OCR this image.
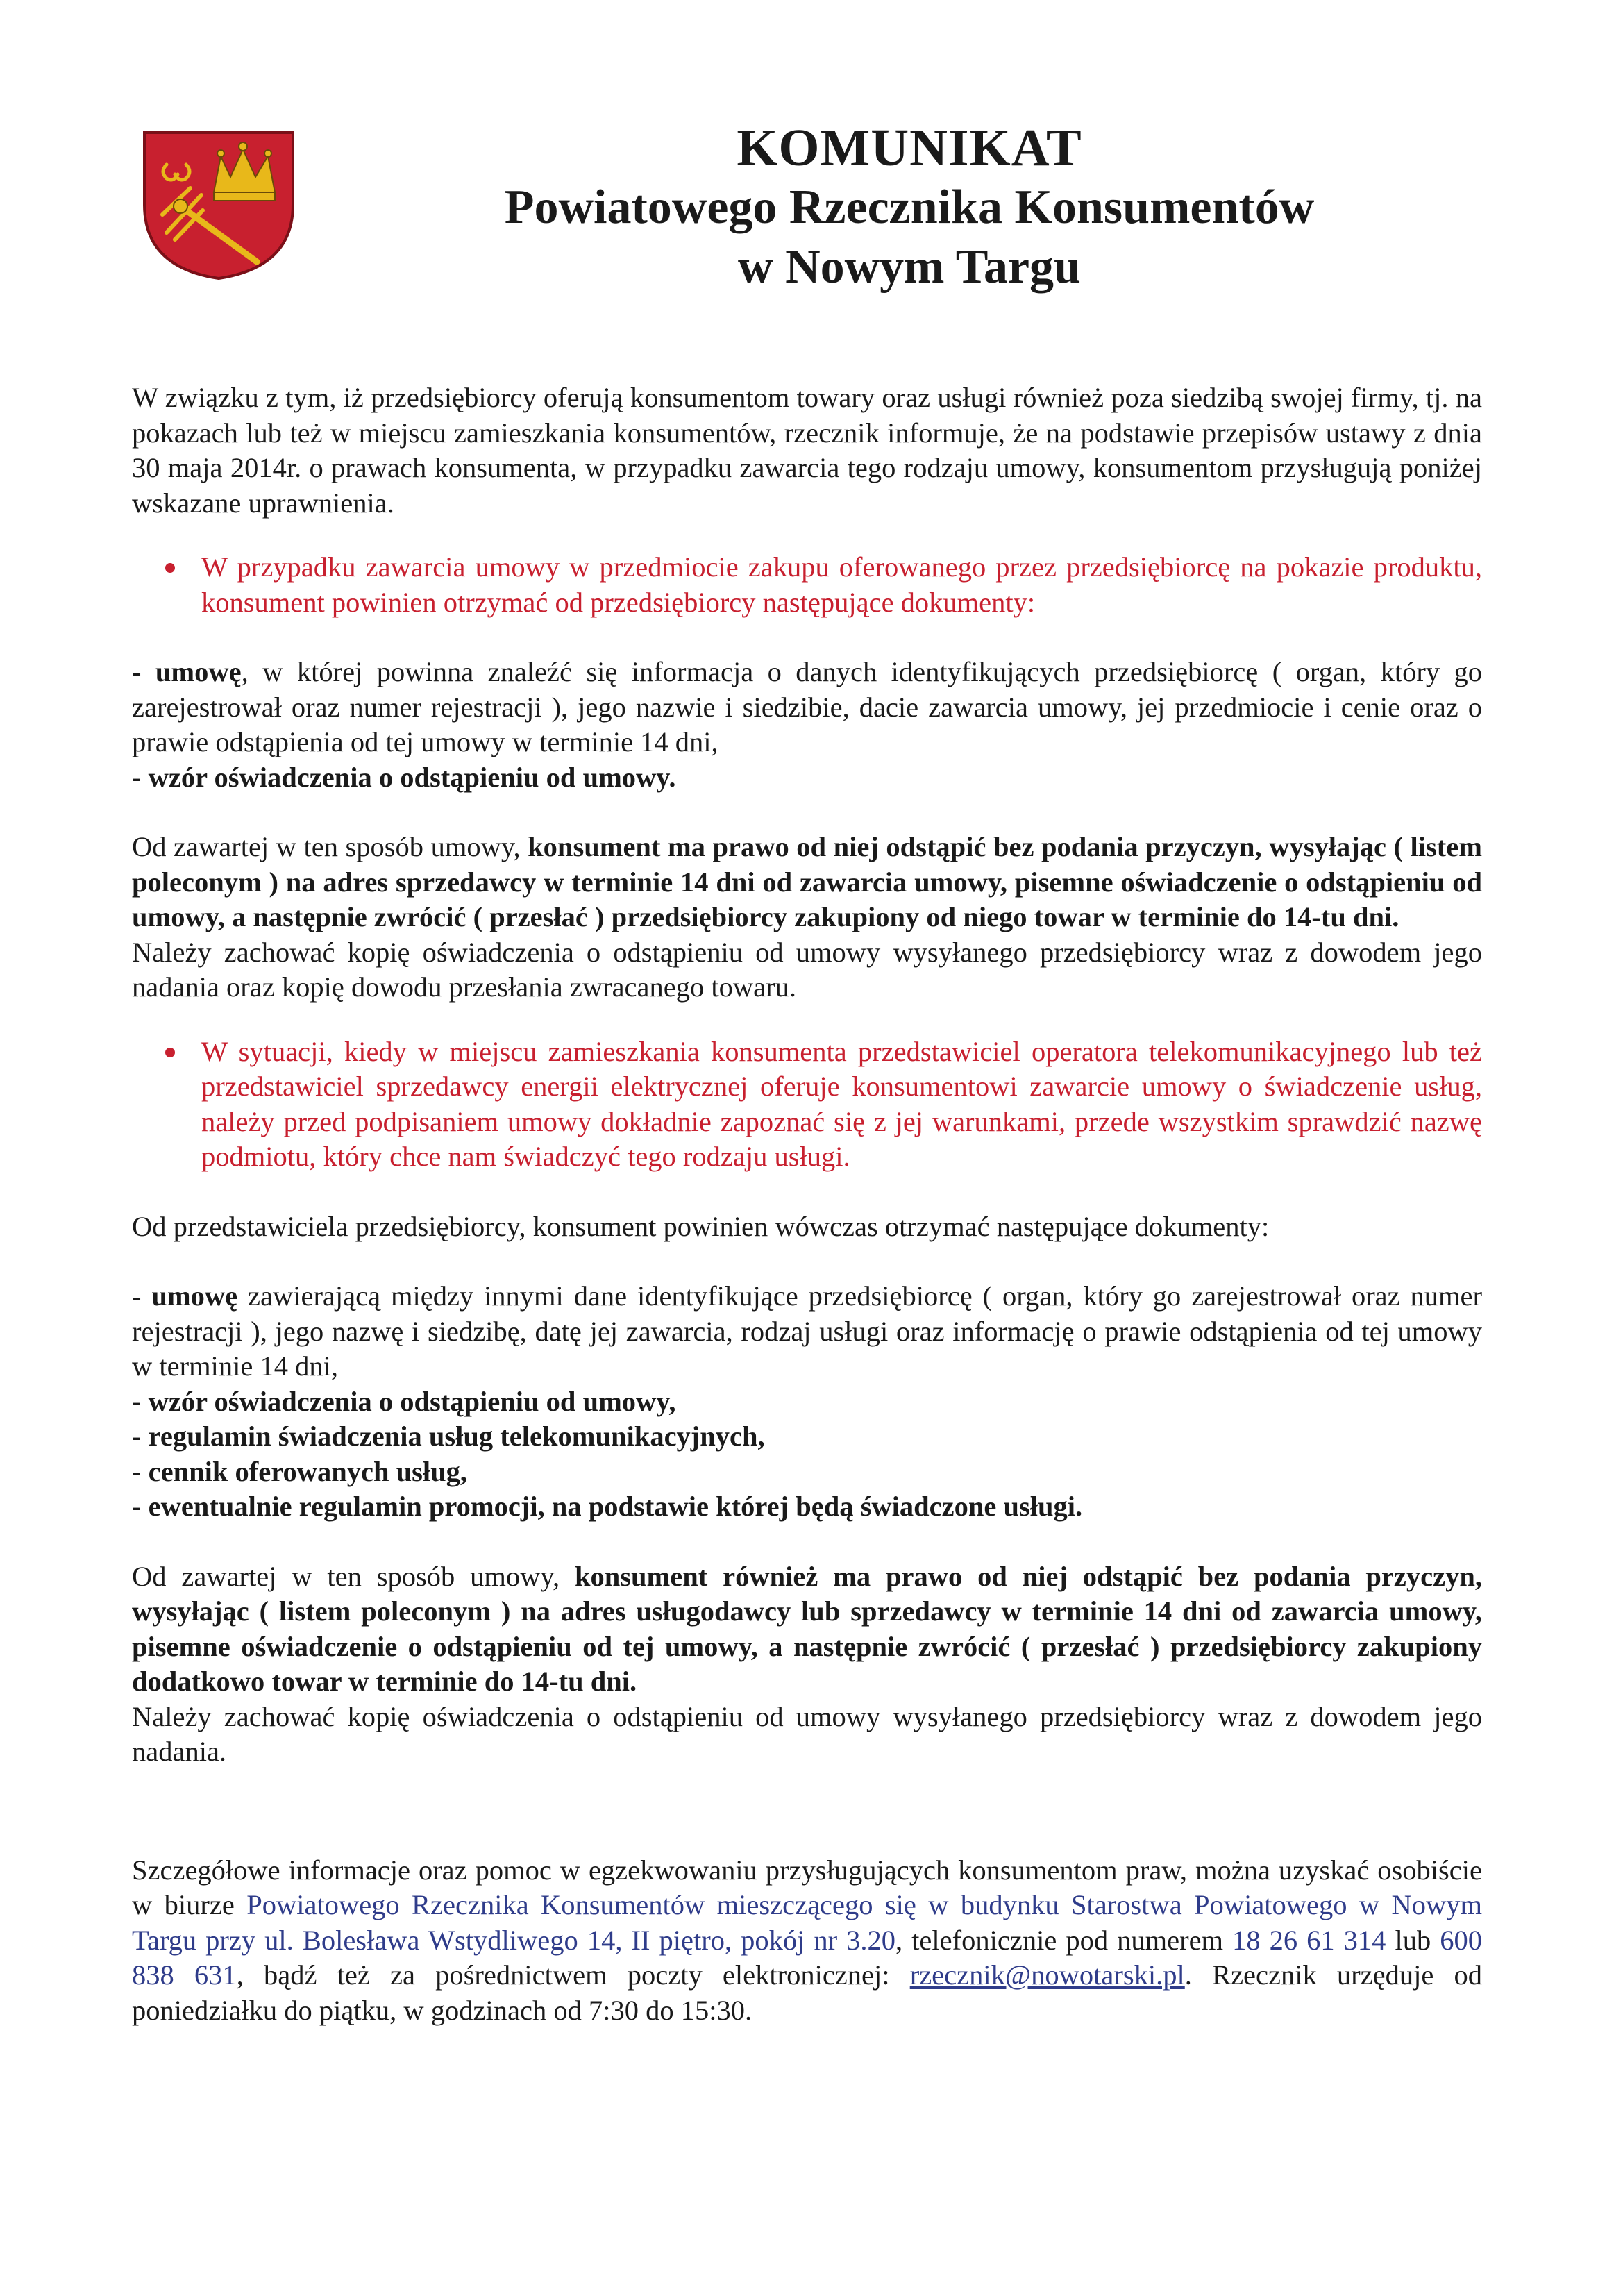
KOMUNIKAT
Powiatowego Rzecznika Konsumentów
w Nowym Targu

W związku z tym, iż przedsiębiorcy oferują konsumentom towary oraz usługi również poza siedzibą swojej firmy, tj. na pokazach lub też w miejscu zamieszkania konsumentów, rzecznik informuje, że na podstawie przepisów ustawy z dnia 30 maja 2014r. o prawach konsumenta, w przypadku zawarcia tego rodzaju umowy, konsumentom przysługują poniżej wskazane uprawnienia.

W przypadku zawarcia umowy w przedmiocie zakupu oferowanego przez przedsiębiorcę na pokazie produktu, konsument powinien otrzymać od przedsiębiorcy następujące dokumenty:

- umowę, w której powinna znaleźć się informacja o danych identyfikujących przedsiębiorcę ( organ, który go zarejestrował oraz numer rejestracji ), jego nazwie i siedzibie, dacie zawarcia umowy, jej przedmiocie i cenie oraz o prawie odstąpienia od tej umowy w terminie 14 dni,

- wzór oświadczenia o odstąpieniu od umowy.

Od zawartej w ten sposób umowy, konsument ma prawo od niej odstąpić bez podania przyczyn, wysyłając ( listem poleconym ) na adres sprzedawcy w terminie 14 dni od zawarcia umowy, pisemne oświadczenie o odstąpieniu od umowy, a następnie zwrócić ( przesłać ) przedsiębiorcy zakupiony od niego towar w terminie do 14-tu dni.

Należy zachować kopię oświadczenia o odstąpieniu od umowy wysyłanego przedsiębiorcy wraz z dowodem jego nadania oraz kopię dowodu przesłania zwracanego towaru.

W sytuacji, kiedy w miejscu zamieszkania konsumenta przedstawiciel operatora telekomunikacyjnego lub też przedstawiciel sprzedawcy energii elektrycznej oferuje konsumentowi zawarcie umowy o świadczenie usług, należy przed podpisaniem umowy dokładnie zapoznać się z jej warunkami, przede wszystkim sprawdzić nazwę podmiotu, który chce nam świadczyć tego rodzaju usługi.

Od przedstawiciela przedsiębiorcy, konsument powinien wówczas otrzymać następujące dokumenty:

- umowę zawierającą między innymi dane identyfikujące przedsiębiorcę ( organ, który go zarejestrował oraz numer rejestracji ), jego nazwę i siedzibę, datę jej zawarcia, rodzaj usługi oraz informację o prawie odstąpienia od tej umowy w terminie 14 dni,

- wzór oświadczenia o odstąpieniu od umowy,

- regulamin świadczenia usług telekomunikacyjnych,

- cennik oferowanych usług,

- ewentualnie regulamin promocji, na podstawie której będą świadczone usługi.

Od zawartej w ten sposób umowy, konsument również ma prawo od niej odstąpić bez podania przyczyn, wysyłając ( listem poleconym ) na adres usługodawcy lub sprzedawcy w terminie 14 dni od zawarcia umowy, pisemne oświadczenie o odstąpieniu od tej umowy, a następnie zwrócić ( przesłać ) przedsiębiorcy zakupiony dodatkowo towar w terminie do 14-tu dni.

Należy zachować kopię oświadczenia o odstąpieniu od umowy wysyłanego przedsiębiorcy wraz z dowodem jego nadania.

Szczegółowe informacje oraz pomoc w egzekwowaniu przysługujących konsumentom praw, można uzyskać osobiście w biurze Powiatowego Rzecznika Konsumentów mieszczącego się w budynku Starostwa Powiatowego w Nowym Targu przy ul. Bolesława Wstydliwego 14, II piętro, pokój nr 3.20, telefonicznie pod numerem 18 26 61 314 lub 600 838 631, bądź też za pośrednictwem poczty elektronicznej: rzecznik@nowotarski.pl. Rzecznik urzęduje od poniedziałku do piątku, w godzinach od 7:30 do 15:30.
